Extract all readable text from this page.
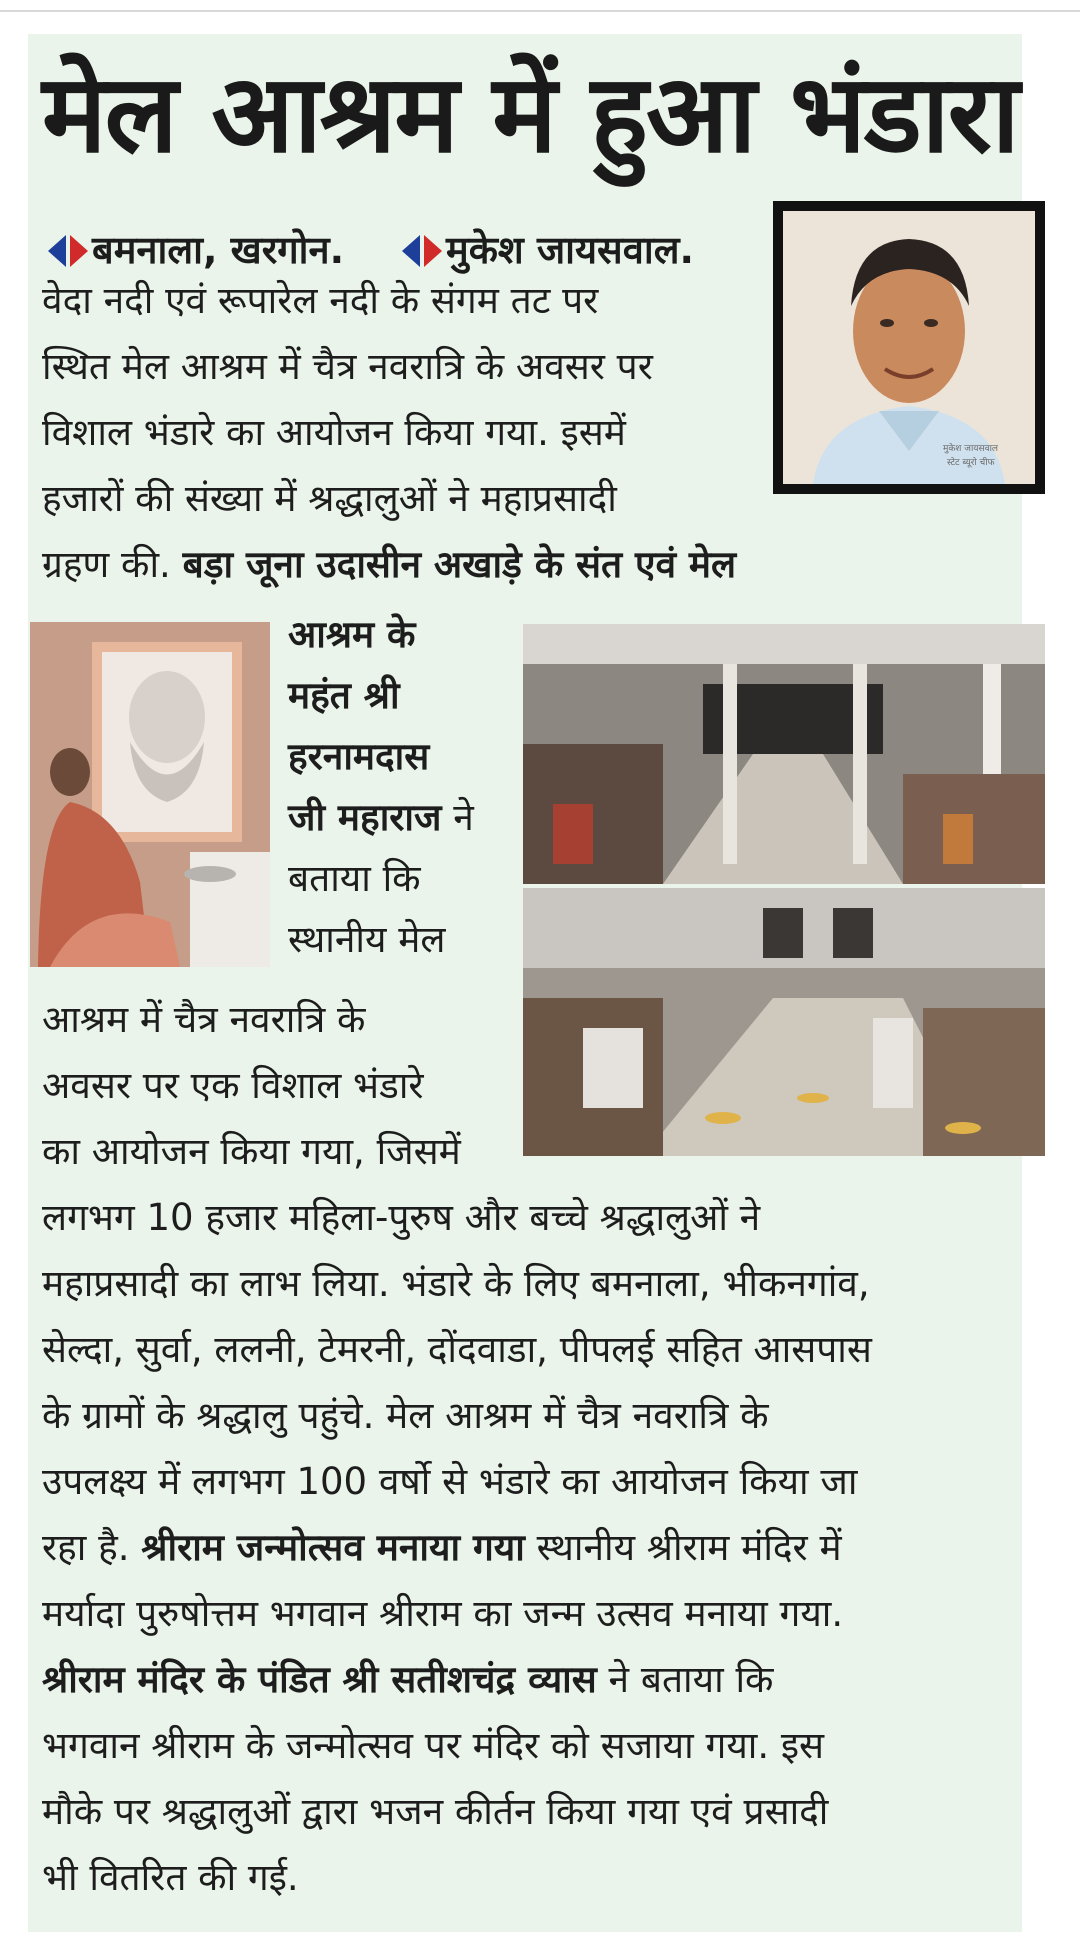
मेल आश्रम में हुआ भंडारा
बमनाला, खरगोन.	मुकेश जायसवाल.
वेदा नदी एवं रूपारेल नदी के संगम तट पर
स्थित मेल आश्रम में चैत्र नवरात्रि के अवसर पर
विशाल भंडारे का आयोजन किया गया. इसमें
हजारों की संख्या में श्रद्धालुओं ने महाप्रसादी
ग्रहण की. बड़ा जूना उदासीन अखाड़े के संत एवं मेल
मुकेश जायसवाल
स्टेट ब्यूरो चीफ
आश्रम के
महंत श्री
हरनामदास
जी महाराज ने
बताया कि
स्थानीय मेल
आश्रम में चैत्र नवरात्रि के
अवसर पर एक विशाल भंडारे
का आयोजन किया गया, जिसमें
लगभग 10 हजार महिला-पुरुष और बच्चे श्रद्धालुओं ने
महाप्रसादी का लाभ लिया. भंडारे के लिए बमनाला, भीकनगांव,
सेल्दा, सुर्वा, ललनी, टेमरनी, दोंदवाडा, पीपलई सहित आसपास
के ग्रामों के श्रद्धालु पहुंचे. मेल आश्रम में चैत्र नवरात्रि के
उपलक्ष्य में लगभग 100 वर्षो से भंडारे का आयोजन किया जा
रहा है. श्रीराम जन्मोत्सव मनाया गया स्थानीय श्रीराम मंदिर में
मर्यादा पुरुषोत्तम भगवान श्रीराम का जन्म उत्सव मनाया गया.
श्रीराम मंदिर के पंडित श्री सतीशचंद्र व्यास ने बताया कि
भगवान श्रीराम के जन्मोत्सव पर मंदिर को सजाया गया. इस
मौके पर श्रद्धालुओं द्वारा भजन कीर्तन किया गया एवं प्रसादी
भी वितरित की गई.
